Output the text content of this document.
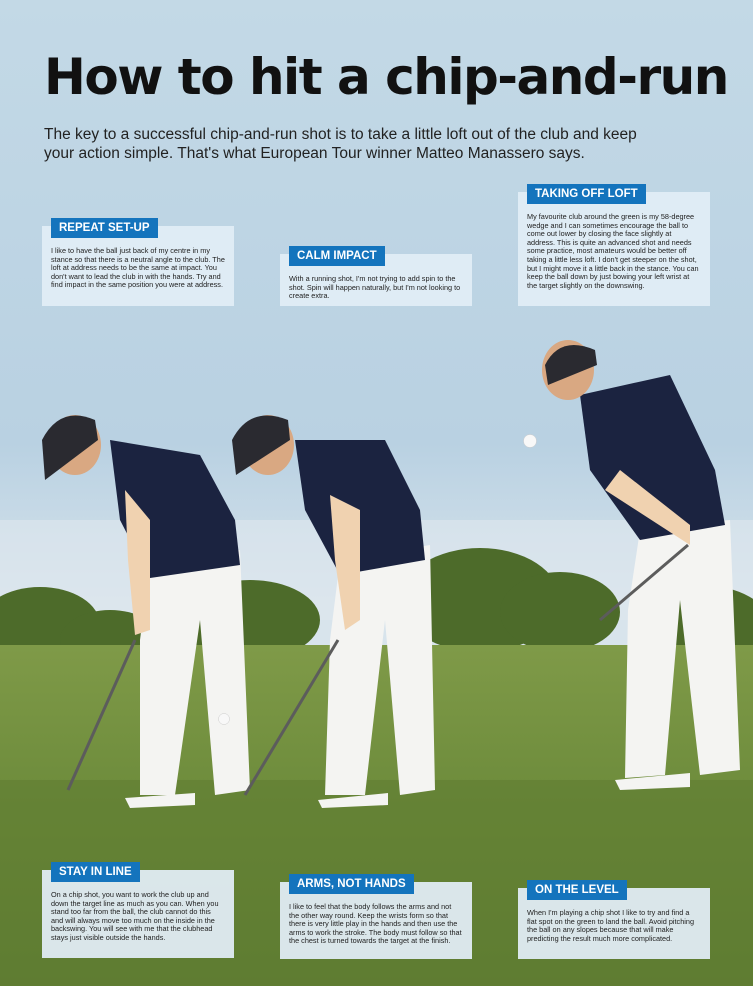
How to hit a chip-and-run

The key to a successful chip-and-run shot is to take a little loft out of the club and keep your action simple. That's what European Tour winner Matteo Manassero says.

REPEAT SET-UP

I like to have the ball just back of my centre in my stance so that there is a neutral angle to the club. The loft at address needs to be the same at impact. You don't want to lead the club in with the hands. Try and find impact in the same position you were at address.

CALM IMPACT

With a running shot, I'm not trying to add spin to the shot. Spin will happen naturally, but I'm not looking to create extra.

TAKING OFF LOFT

My favourite club around the green is my 58-degree wedge and I can sometimes encourage the ball to come out lower by closing the face slightly at address. This is quite an advanced shot and needs some practice, most amateurs would be better off taking a little less loft. I don't get steeper on the shot, but I might move it a little back in the stance. You can keep the ball down by just bowing your left wrist at the target slightly on the downswing.

STAY IN LINE

On a chip shot, you want to work the club up and down the target line as much as you can. When you stand too far from the ball, the club cannot do this and will always move too much on the inside in the backswing. You will see with me that the clubhead stays just visible outside the hands.

ARMS, NOT HANDS

I like to feel that the body follows the arms and not the other way round. Keep the wrists form so that there is very little play in the hands and then use the arms to work the stroke. The body must follow so that the chest is turned towards the target at the finish.

ON THE LEVEL

When I'm playing a chip shot I like to try and find a flat spot on the green to land the ball. Avoid pitching the ball on any slopes because that will make predicting the result much more complicated.
